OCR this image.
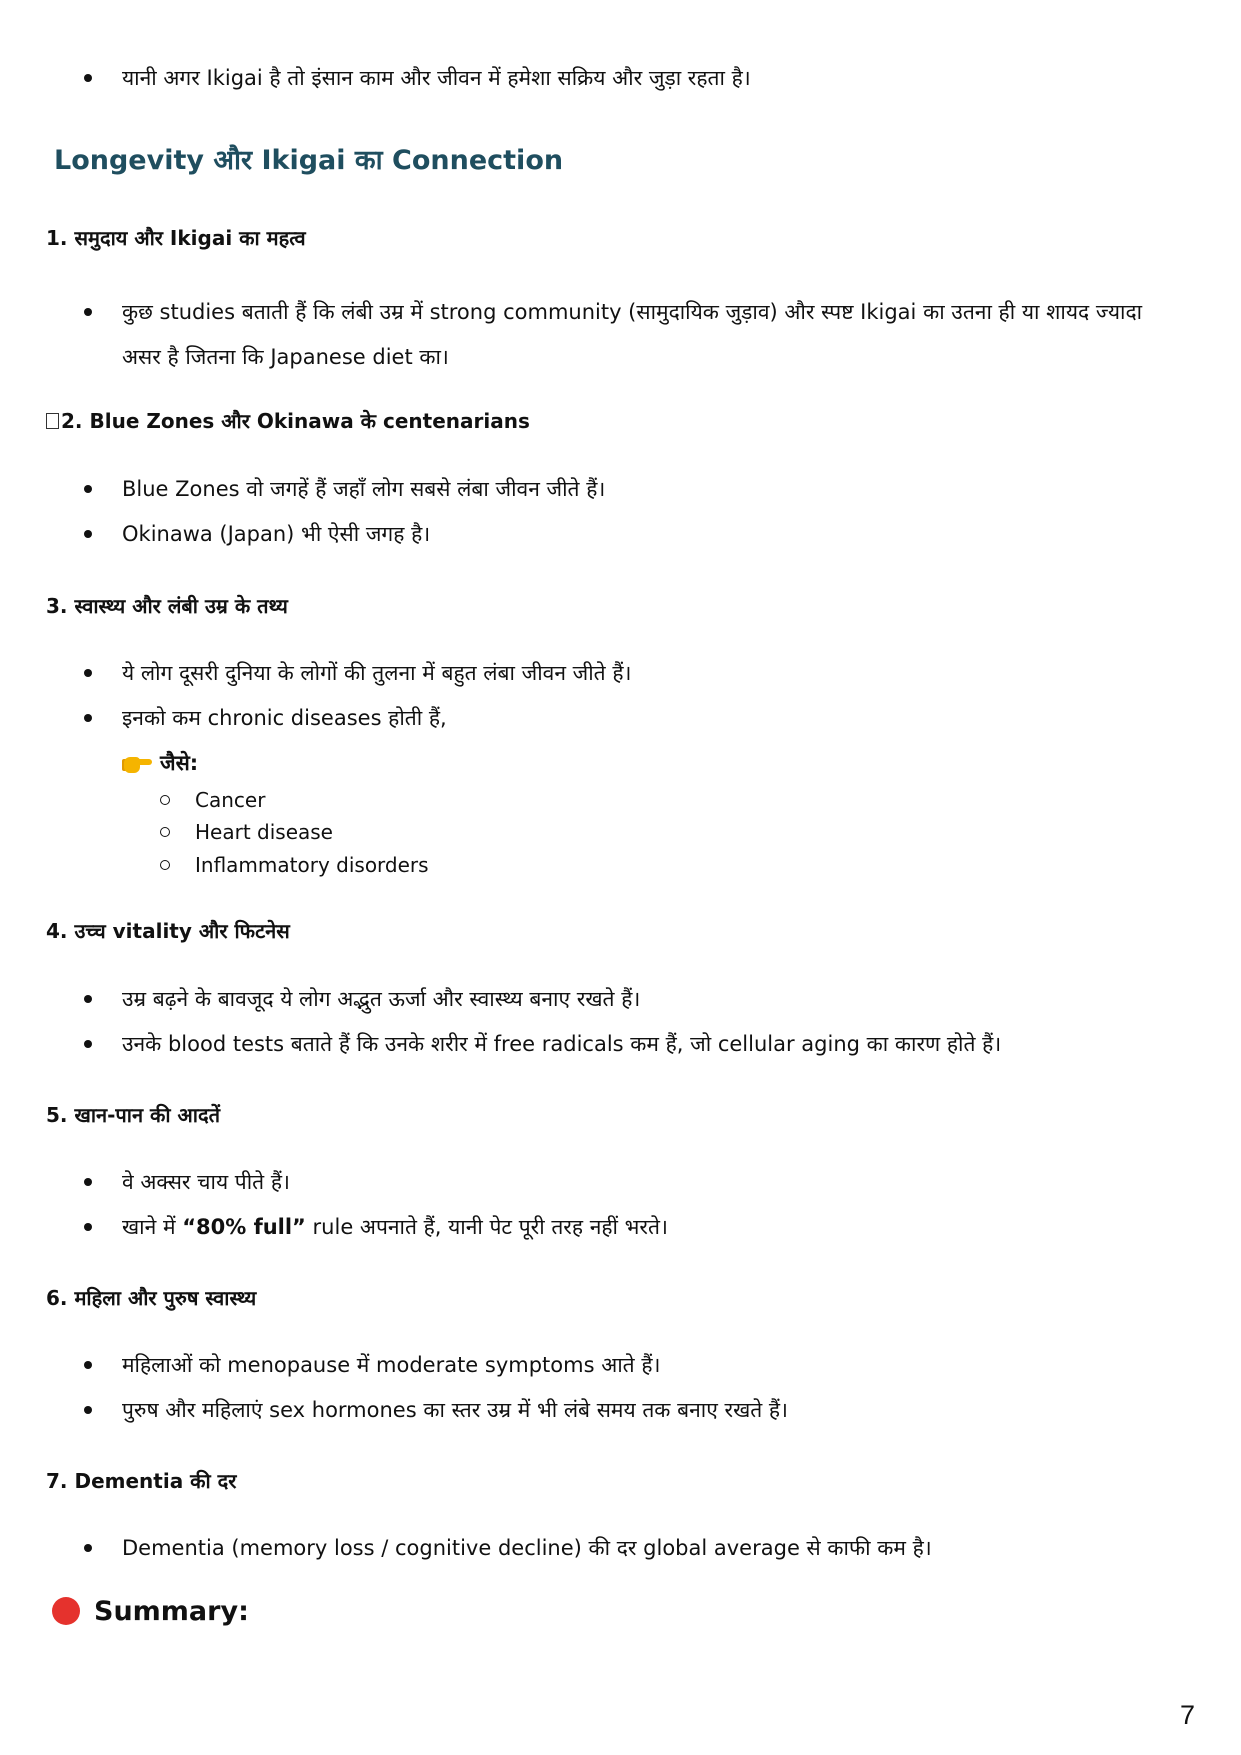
यानी अगर Ikigai है तो इंसान काम और जीवन में हमेशा सक्रिय और जुड़ा रहता है।
Longevity और Ikigai का Connection
1. समुदाय और Ikigai का महत्व
कुछ studies बताती हैं कि लंबी उम्र में strong community (सामुदायिक जुड़ाव) और स्पष्ट Ikigai का उतना ही या शायद ज्यादा असर है जितना कि Japanese diet का।
2. Blue Zones और Okinawa के centenarians
Blue Zones वो जगहें हैं जहाँ लोग सबसे लंबा जीवन जीते हैं।
Okinawa (Japan) भी ऐसी जगह है।
3. स्वास्थ्य और लंबी उम्र के तथ्य
ये लोग दूसरी दुनिया के लोगों की तुलना में बहुत लंबा जीवन जीते हैं।
इनको कम chronic diseases होती हैं,
जैसे:
Cancer
Heart disease
Inflammatory disorders
4. उच्च vitality और फिटनेस
उम्र बढ़ने के बावजूद ये लोग अद्भुत ऊर्जा और स्वास्थ्य बनाए रखते हैं।
उनके blood tests बताते हैं कि उनके शरीर में free radicals कम हैं, जो cellular aging का कारण होते हैं।
5. खान-पान की आदतें
वे अक्सर चाय पीते हैं।
खाने में “80% full” rule अपनाते हैं, यानी पेट पूरी तरह नहीं भरते।
6. महिला और पुरुष स्वास्थ्य
महिलाओं को menopause में moderate symptoms आते हैं।
पुरुष और महिलाएं sex hormones का स्तर उम्र में भी लंबे समय तक बनाए रखते हैं।
7. Dementia की दर
Dementia (memory loss / cognitive decline) की दर global average से काफी कम है।
Summary:
7
